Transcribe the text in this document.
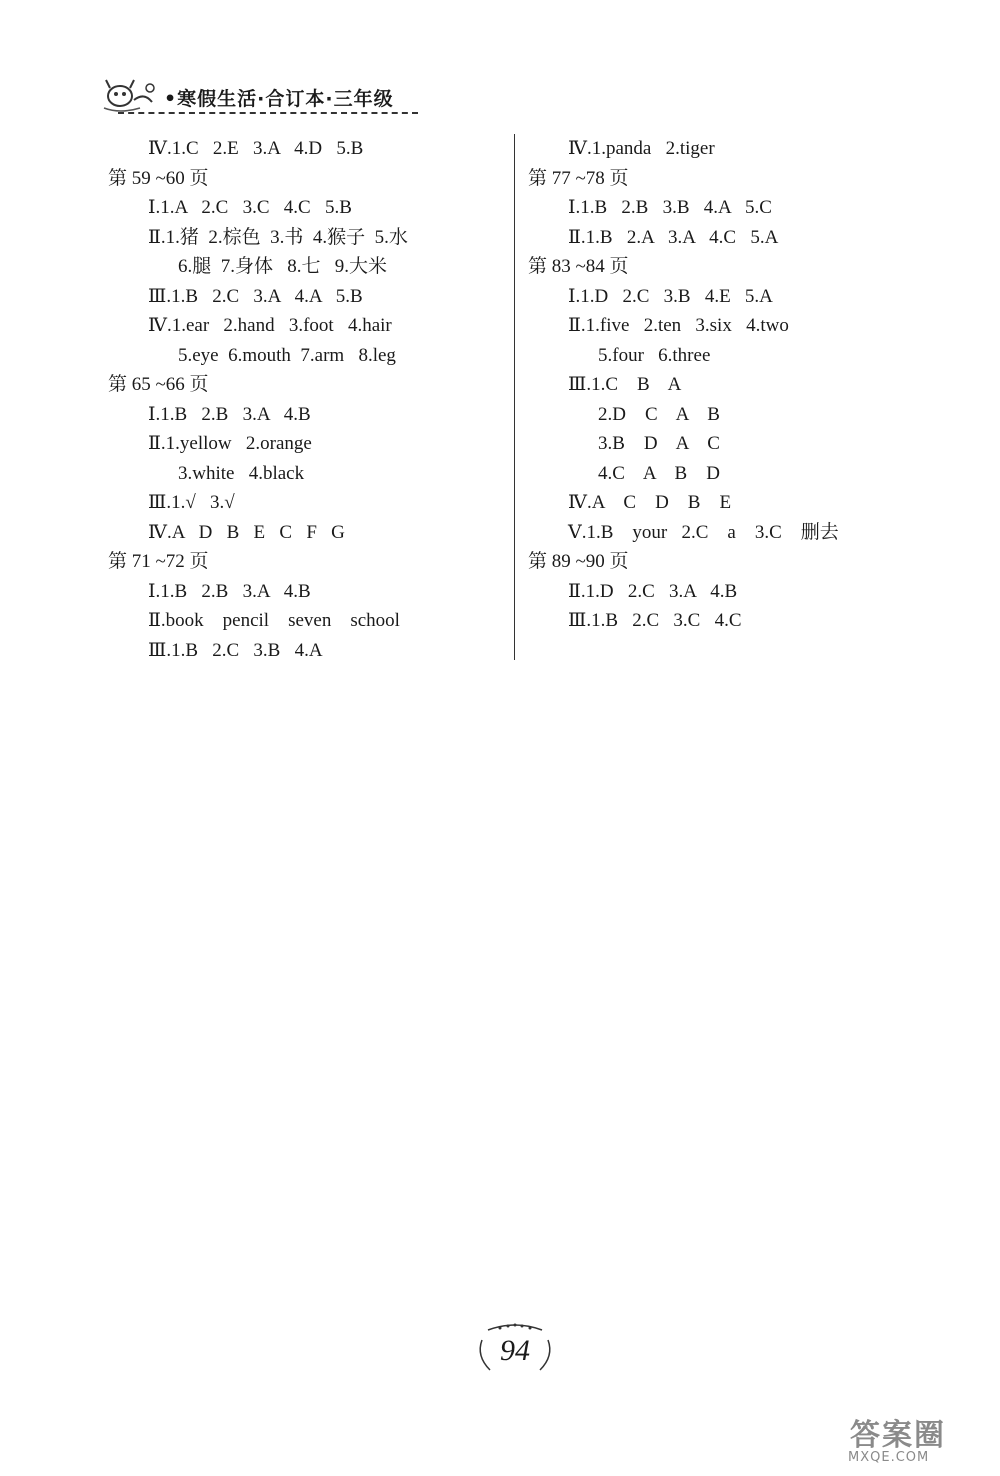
•寒假生活·合订本·三年级
Ⅳ.1.C   2.E   3.A   4.D   5.B
第 59 ~60 页
Ⅰ.1.A   2.C   3.C   4.C   5.B
Ⅱ.1.猪  2.棕色  3.书  4.猴子  5.水
6.腿  7.身体   8.七   9.大米
Ⅲ.1.B   2.C   3.A   4.A   5.B
Ⅳ.1.ear   2.hand   3.foot   4.hair
5.eye  6.mouth  7.arm   8.leg
第 65 ~66 页
Ⅰ.1.B   2.B   3.A   4.B
Ⅱ.1.yellow   2.orange
3.white   4.black
Ⅲ.1.√   3.√
Ⅳ.A   D   B   E   C   F   G
第 71 ~72 页
Ⅰ.1.B   2.B   3.A   4.B
Ⅱ.book    pencil    seven    school
Ⅲ.1.B   2.C   3.B   4.A
Ⅳ.1.panda   2.tiger
第 77 ~78 页
Ⅰ.1.B   2.B   3.B   4.A   5.C
Ⅱ.1.B   2.A   3.A   4.C   5.A
第 83 ~84 页
Ⅰ.1.D   2.C   3.B   4.E   5.A
Ⅱ.1.five   2.ten   3.six   4.two
5.four   6.three
Ⅲ.1.C    B    A
2.D    C    A    B
3.B    D    A    C
4.C    A    B    D
Ⅳ.A    C    D    B    E
Ⅴ.1.B    your   2.C    a    3.C    删去
第 89 ~90 页
Ⅱ.1.D   2.C   3.A   4.B
Ⅲ.1.B   2.C   3.C   4.C
94
答案圈
MXQE.COM
